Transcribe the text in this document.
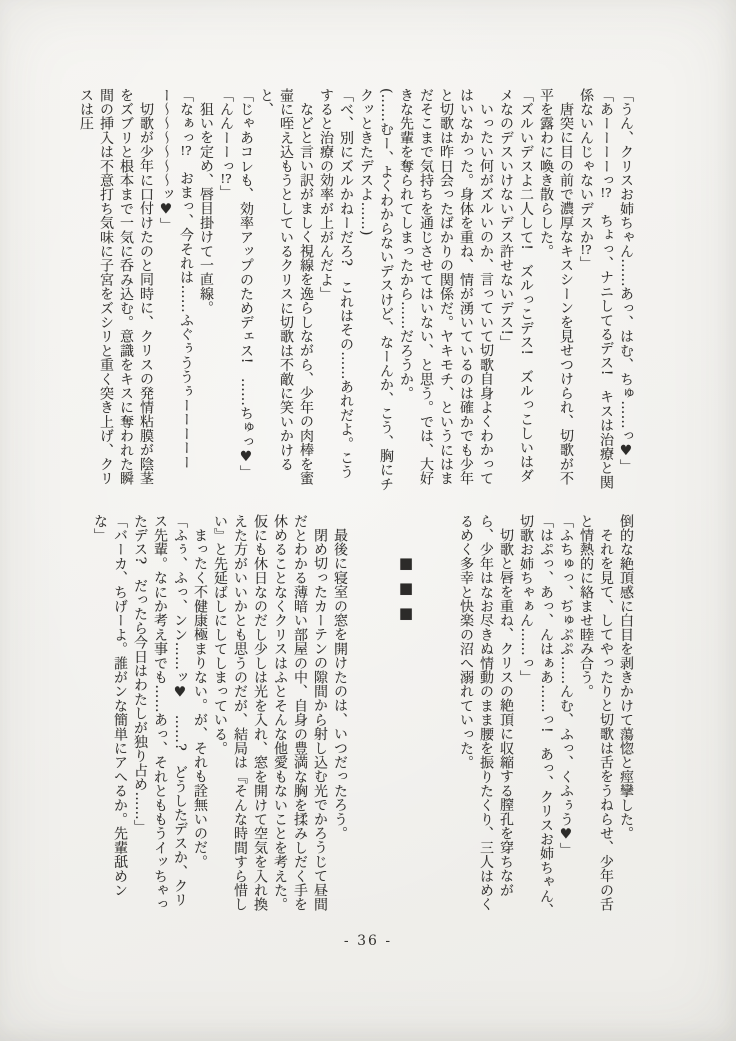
「うん、クリスお姉ちゃん……あっ、はむ、ちゅ……っ♥」

「あーーーーっ!?　ちょっ、ナニしてるデス!　キスは治療と関係ないんじゃないデスか!?」

唐突に目の前で濃厚なキスシーンを見せつけられ、切歌が不平を露わに喚き散らした。

「ズルいデスよ二人して!　ズルっこデス!　ズルっこしいはダメなのデスいけないデス許せないデス!」

いったい何がズルいのか、言っていて切歌自身よくわかってはいなかった。身体を重ね、情が湧いているのは確かでも少年と切歌は昨日会ったばかりの関係だ。ヤキモチ、というにはまだそこまで気持ちを通じさせてはいない、と思う。では、大好きな先輩を奪られてしまったから……だろうか。

(……むー、よくわからないデスけど、なーんか、こう、胸にチクッときたデスよ……)

「べ、別にズルかねーだろ?　これはその……あれだよ。こうすると治療の効率が上がんだよ」

などと言い訳がましく視線を逸らしながら、少年の肉棒を蜜壷に咥え込もうとしているクリスに切歌は不敵に笑いかけると、

「じゃあコレも、効率アップのためデェス!　……ちゅっ♥」

「んんーーっ!?」

狙いを定め、唇目掛けて一直線。

「なぁっ!?　おまっ、今それは……ふぐぅううぅーーーーーー〜〜〜〜〜〜ッ♥」

切歌が少年に口付けたのと同時に、クリスの発情粘膜が陰茎をズブリと根本まで一気に呑み込む。意識をキスに奪われた瞬間の挿入は不意打ち気味に子宮をズシリと重く突き上げ、クリスは圧

倒的な絶頂感に白目を剥きかけて蕩惚と痙攣した。

それを見て、してやったりと切歌は舌をうねらせ、少年の舌と情熱的に絡ませ睦み合う。

「ふちゅっ、ぢゅぷぷ……んむ、ふっ、くふぅう♥」

「はぷっ、あっ、んはぁあ……っ!　あっ、クリスお姉ちゃん、切歌お姉ちゃぁん……っ」

切歌と唇を重ね、クリスの絶頂に収縮する膣孔を穿ちながら、少年はなお尽きぬ情動のまま腰を振りたくり、三人はめくるめく多幸と快楽の沼へ溺れていった。

■■■

最後に寝室の窓を開けたのは、いつだったろう。

閉め切ったカーテンの隙間から射し込む光でかろうじて昼間だとわかる薄暗い部屋の中、自身の豊満な胸を揉みしだく手を休めることなくクリスはふとそんな他愛もないことを考えた。仮にも休日なのだし少しは光を入れ、窓を開けて空気を入れ換えた方がいいかとも思うのだが、結局は『そんな時間すら惜しい』と先延ばしにしてしまっている。

まったく不健康極まりない。が、それも詮無いのだ。

「ふぅ、ふっ、ンン……ッ♥　……?　どうしたデスか、クリス先輩。なにか考え事でも……あっ、それとももうイッちゃったデス?　だったら今日はわたしが独り占め……」

「バーカ、ちげーよ。誰がンな簡単にアへるか。先輩舐めンな」

- 36 -
